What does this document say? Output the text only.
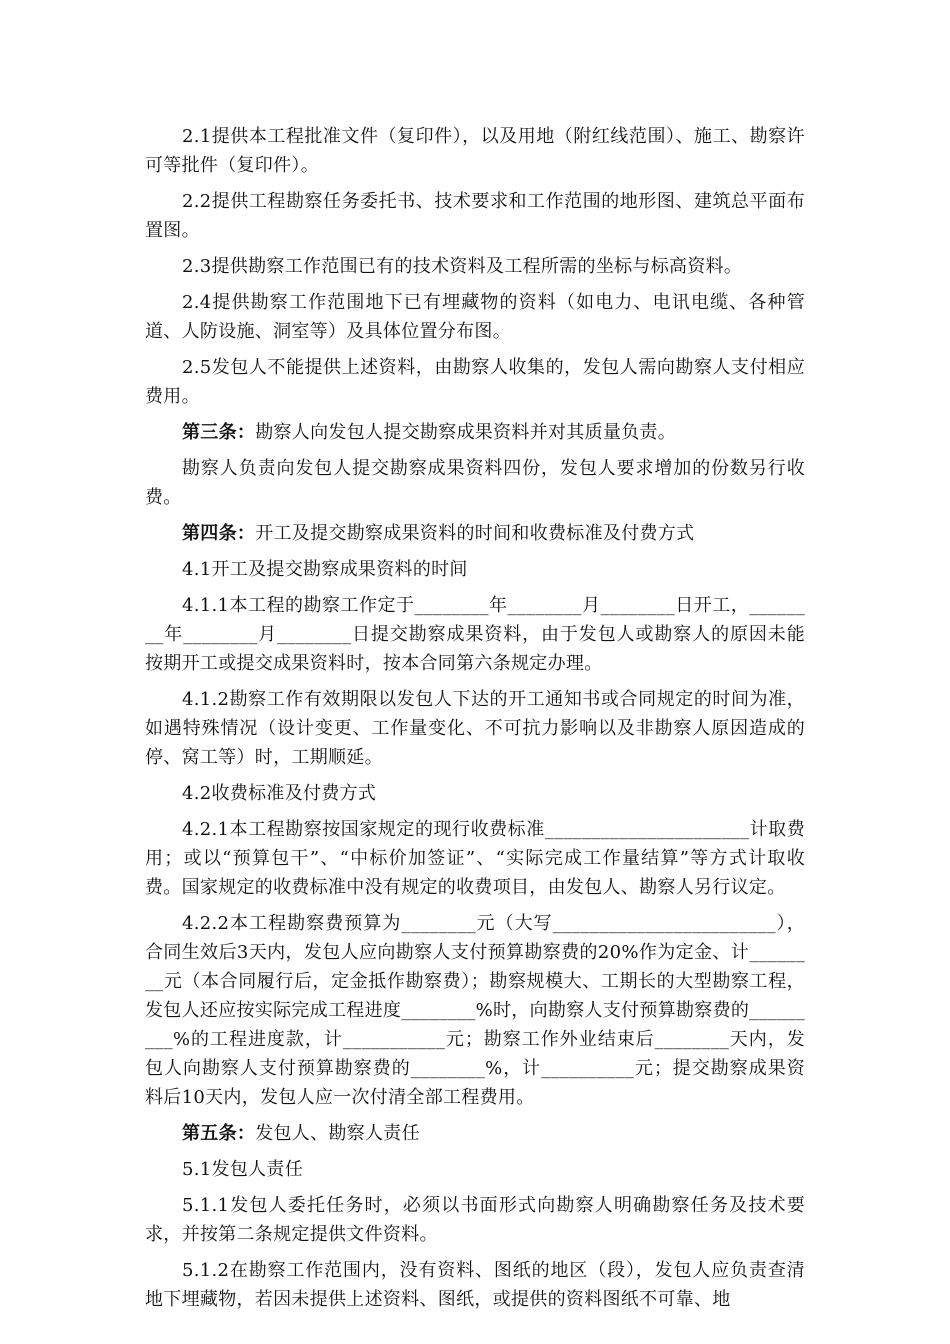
2.1提供本工程批准文件（复印件），以及用地（附红线范围）、施工、勘察许可等批件（复印件）。

2.2提供工程勘察任务委托书、技术要求和工作范围的地形图、建筑总平面布置图。

2.3提供勘察工作范围已有的技术资料及工程所需的坐标与标高资料。

2.4提供勘察工作范围地下已有埋藏物的资料（如电力、电讯电缆、各种管道、人防设施、洞室等）及具体位置分布图。

2.5发包人不能提供上述资料，由勘察人收集的，发包人需向勘察人支付相应费用。

第三条：勘察人向发包人提交勘察成果资料并对其质量负责。

勘察人负责向发包人提交勘察成果资料四份，发包人要求增加的份数另行收费。

第四条：开工及提交勘察成果资料的时间和收费标准及付费方式

4.1开工及提交勘察成果资料的时间

4.1.1本工程的勘察工作定于________年________月________日开工，________年________月________日提交勘察成果资料，由于发包人或勘察人的原因未能按期开工或提交成果资料时，按本合同第六条规定办理。

4.1.2勘察工作有效期限以发包人下达的开工通知书或合同规定的时间为准，如遇特殊情况（设计变更、工作量变化、不可抗力影响以及非勘察人原因造成的停、窝工等）时，工期顺延。

4.2收费标准及付费方式

4.2.1本工程勘察按国家规定的现行收费标准______________________计取费用；或以“预算包干”、“中标价加签证”、“实际完成工作量结算”等方式计取收费。国家规定的收费标准中没有规定的收费项目，由发包人、勘察人另行议定。

4.2.2本工程勘察费预算为________元（大写________________________），合同生效后3天内，发包人应向勘察人支付预算勘察费的20%作为定金、计________元（本合同履行后，定金抵作勘察费）；勘察规模大、工期长的大型勘察工程，发包人还应按实际完成工程进度________%时，向勘察人支付预算勘察费的_________%的工程进度款，计___________元；勘察工作外业结束后________天内，发包人向勘察人支付预算勘察费的________%，计__________元；提交勘察成果资料后10天内，发包人应一次付清全部工程费用。

第五条：发包人、勘察人责任

5.1发包人责任

5.1.1发包人委托任务时，必须以书面形式向勘察人明确勘察任务及技术要求，并按第二条规定提供文件资料。

5.1.2在勘察工作范围内，没有资料、图纸的地区（段），发包人应负责查清地下埋藏物，若因未提供上述资料、图纸，或提供的资料图纸不可靠、地
